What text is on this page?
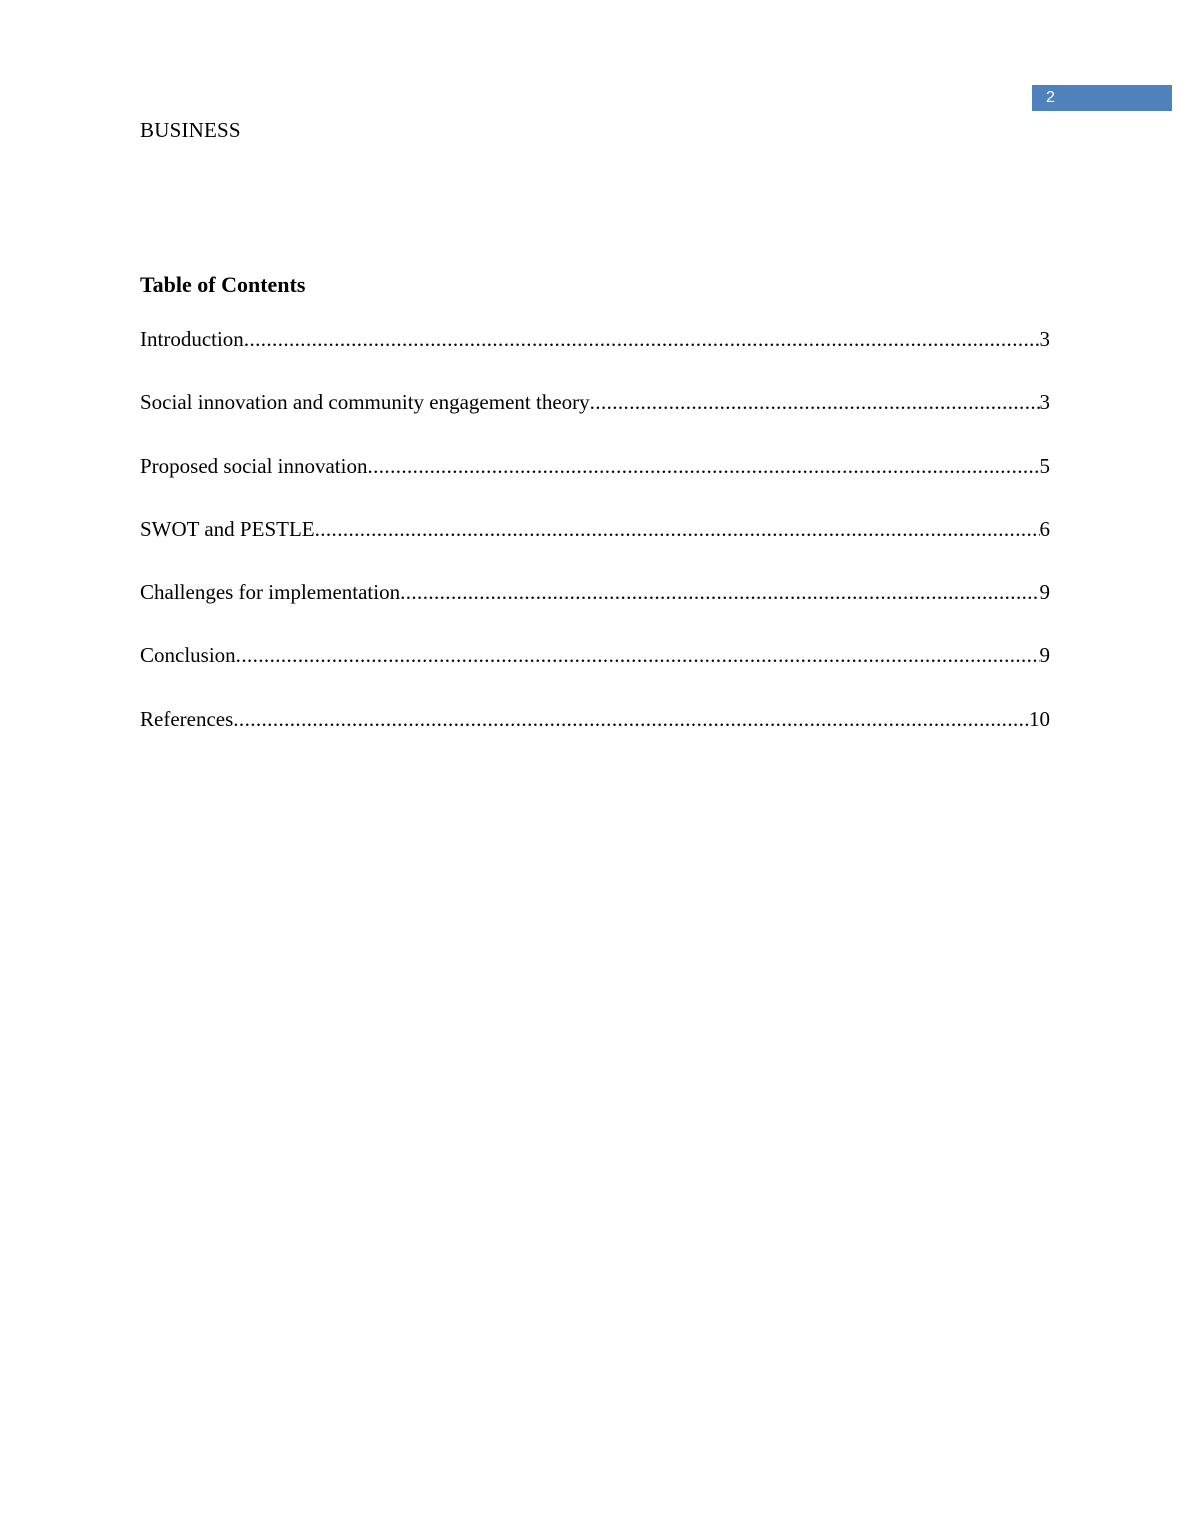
2
BUSINESS
Table of Contents
Introduction .....	3
Social innovation and community engagement theory .....	3
Proposed social innovation .....	5
SWOT and PESTLE .....	6
Challenges for implementation .....	9
Conclusion .....	9
References .....	10
